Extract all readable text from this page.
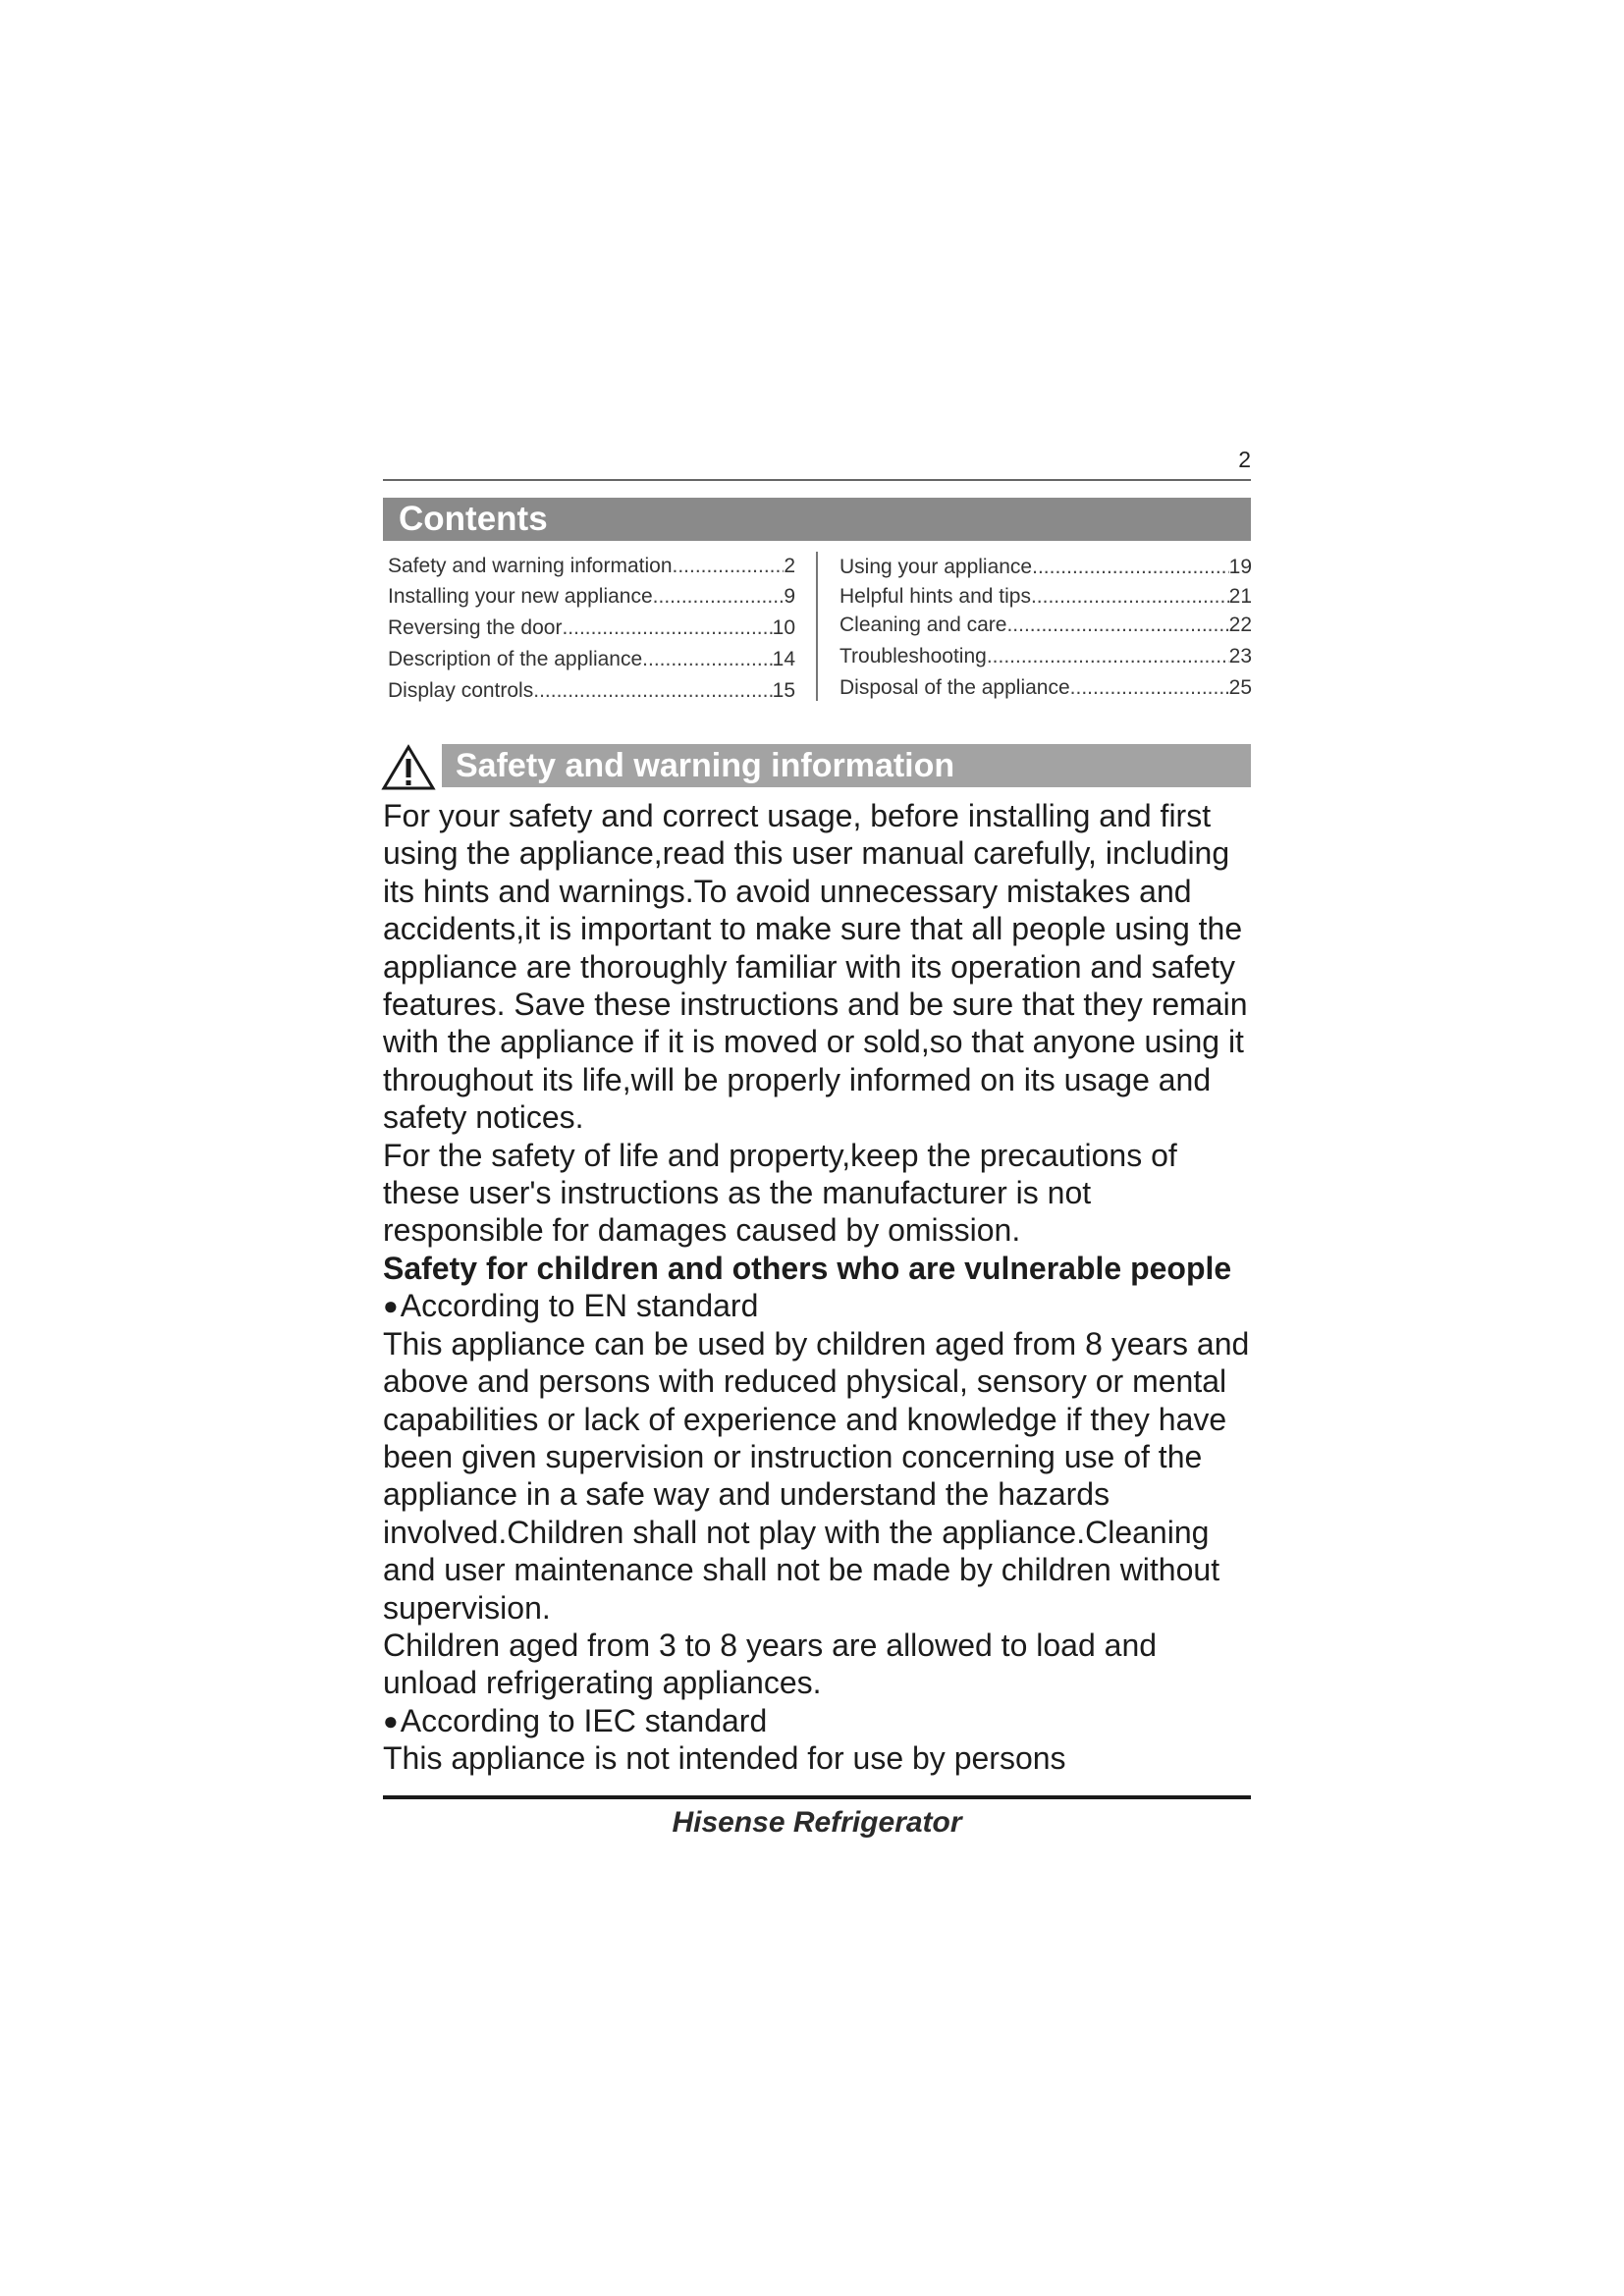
2
Contents
Safety and warning information .....	2
Installing your new appliance .....	9
Reversing the door .....	10
Description of the appliance .....	14
Display controls .....	15
Using your appliance .....	19
Helpful hints and tips .....	21
Cleaning and care .....	22
Troubleshooting .....	23
Disposal of the appliance .....	25
Safety and warning information

For your safety and correct usage, before installing and first using the appliance,read this user manual carefully, including its hints and warnings.To avoid unnecessary mistakes and accidents,it is important to make sure that all people using the appliance are thoroughly familiar with its operation and safety features. Save these instructions and be sure that they remain with the appliance if it is moved or sold,so that anyone using it throughout its life,will be properly informed on its usage and safety notices.

For the safety of life and property,keep the precautions of these user's instructions as the manufacturer is not responsible for damages caused by omission.

Safety for children and others who are vulnerable people

●According to EN standard

This appliance can be used by children aged from 8 years and above and persons with reduced physical, sensory or mental capabilities or lack of experience and knowledge if they have been given supervision or instruction concerning use of the appliance in a safe way and understand the hazards involved.Children shall not play with the appliance.Cleaning and user maintenance shall not be made by children without supervision.

Children aged from 3 to 8 years are allowed to load and unload refrigerating appliances.

●According to IEC standard

This appliance is not intended for use by persons

Hisense Refrigerator
